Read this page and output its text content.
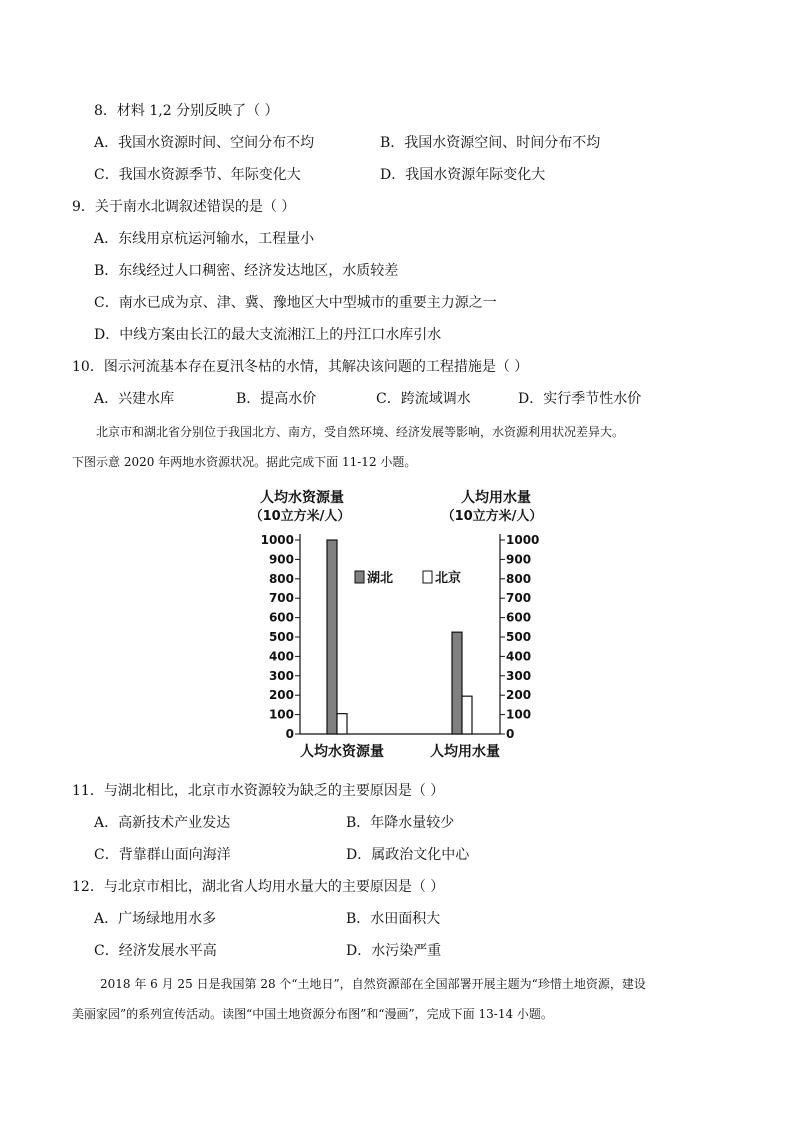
8．材料 1,2 分别反映了（ ）
A．我国水资源时间、空间分布不均	B．我国水资源空间、时间分布不均
C．我国水资源季节、年际变化大	D．我国水资源年际变化大
9．关于南水北调叙述错误的是（ ）
A．东线用京杭运河输水，工程量小
B．东线经过人口稠密、经济发达地区，水质较差
C．南水已成为京、津、冀、豫地区大中型城市的重要主力源之一
D．中线方案由长江的最大支流湘江上的丹江口水库引水
10．图示河流基本存在夏汛冬枯的水情，其解决该问题的工程措施是（ ）
A．兴建水库	B．提高水价	C．跨流域调水	D．实行季节性水价
北京市和湖北省分别位于我国北方、南方，受自然环境、经济发展等影响，水资源利用状况差异大。
下图示意 2020 年两地水资源状况。据此完成下面 11-12 小题。
人均水资源量
（10立方米/人）
人均用水量
（10立方米/人）
1000	1000
900	900
800	800
700	700
600	600
500	500
400	400
300	300
200	200
100	100
0	0
湖北	北京
人均水资源量	人均用水量
11．与湖北相比，北京市水资源较为缺乏的主要原因是（ ）
A．高新技术产业发达	B．年降水量较少
C．背靠群山面向海洋	D．属政治文化中心
12．与北京市相比，湖北省人均用水量大的主要原因是（ ）
A．广场绿地用水多	B．水田面积大
C．经济发展水平高	D．水污染严重
2018 年 6 月 25 日是我国第 28 个“土地日”，自然资源部在全国部署开展主题为“珍惜土地资源，建设
美丽家园”的系列宣传活动。读图“中国土地资源分布图”和“漫画”，完成下面 13-14 小题。
